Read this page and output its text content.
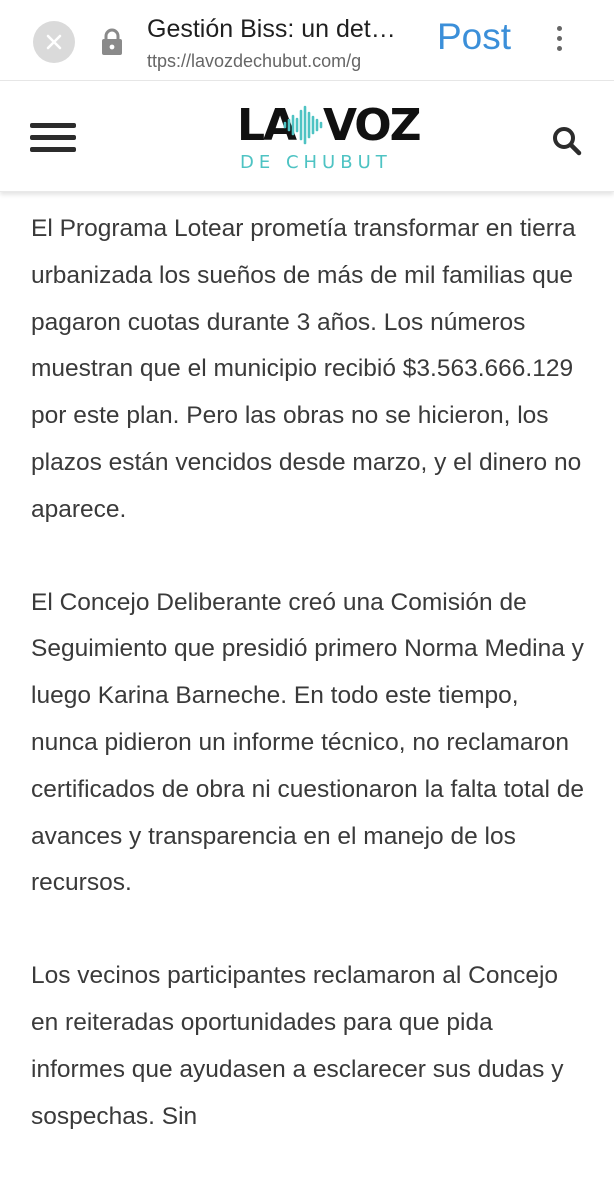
Gestión Biss: un det…
ttps://lavozdechubut.com/g
Post
LA VOZ
DE CHUBUT

El Programa Lotear prometía transformar en tierra urbanizada los sueños de más de mil familias que pagaron cuotas durante 3 años. Los números muestran que el municipio recibió $3.563.666.129 por este plan. Pero las obras no se hicieron, los plazos están vencidos desde marzo, y el dinero no aparece.

El Concejo Deliberante creó una Comisión de Seguimiento que presidió primero Norma Medina y luego Karina Barneche. En todo este tiempo, nunca pidieron un informe técnico, no reclamaron certificados de obra ni cuestionaron la falta total de avances y transparencia en el manejo de los recursos.

Los vecinos participantes reclamaron al Concejo en reiteradas oportunidades para que pida informes que ayudasen a esclarecer sus dudas y sospechas. Sin
